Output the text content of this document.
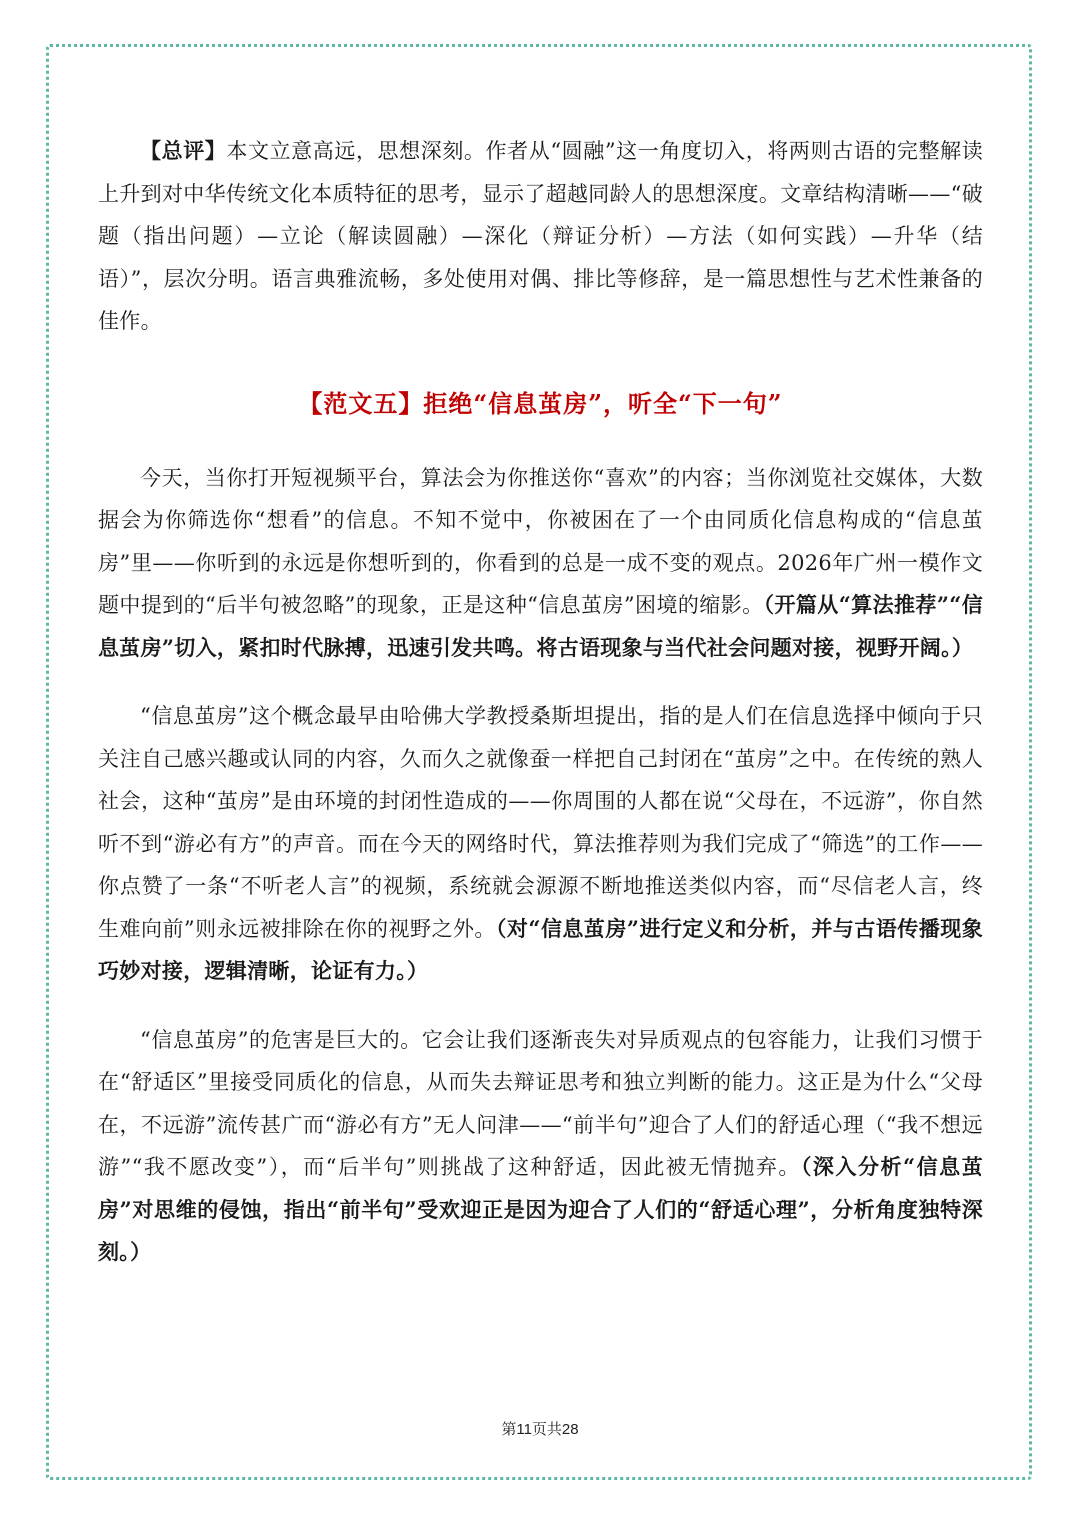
【总评】本文立意高远，思想深刻。作者从“圆融”这一角度切入，将两则古语的完整解读上升到对中华传统文化本质特征的思考，显示了超越同龄人的思想深度。文章结构清晰——“破题（指出问题）—立论（解读圆融）—深化（辩证分析）—方法（如何实践）—升华（结语）”，层次分明。语言典雅流畅，多处使用对偶、排比等修辞，是一篇思想性与艺术性兼备的佳作。

【范文五】拒绝“信息茧房”，听全“下一句”

今天，当你打开短视频平台，算法会为你推送你“喜欢”的内容；当你浏览社交媒体，大数据会为你筛选你“想看”的信息。不知不觉中，你被困在了一个由同质化信息构成的“信息茧房”里——你听到的永远是你想听到的，你看到的总是一成不变的观点。2026年广州一模作文题中提到的“后半句被忽略”的现象，正是这种“信息茧房”困境的缩影。（开篇从“算法推荐”“信息茧房”切入，紧扣时代脉搏，迅速引发共鸣。将古语现象与当代社会问题对接，视野开阔。）

“信息茧房”这个概念最早由哈佛大学教授桑斯坦提出，指的是人们在信息选择中倾向于只关注自己感兴趣或认同的内容，久而久之就像蚕一样把自己封闭在“茧房”之中。在传统的熟人社会，这种“茧房”是由环境的封闭性造成的——你周围的人都在说“父母在，不远游”，你自然听不到“游必有方”的声音。而在今天的网络时代，算法推荐则为我们完成了“筛选”的工作——你点赞了一条“不听老人言”的视频，系统就会源源不断地推送类似内容，而“尽信老人言，终生难向前”则永远被排除在你的视野之外。（对“信息茧房”进行定义和分析，并与古语传播现象巧妙对接，逻辑清晰，论证有力。）

“信息茧房”的危害是巨大的。它会让我们逐渐丧失对异质观点的包容能力，让我们习惯于在“舒适区”里接受同质化的信息，从而失去辩证思考和独立判断的能力。这正是为什么“父母在，不远游”流传甚广而“游必有方”无人问津——“前半句”迎合了人们的舒适心理（“我不想远游”“我不愿改变”），而“后半句”则挑战了这种舒适，因此被无情抛弃。（深入分析“信息茧房”对思维的侵蚀，指出“前半句”受欢迎正是因为迎合了人们的“舒适心理”，分析角度独特深刻。）

第11页共28
